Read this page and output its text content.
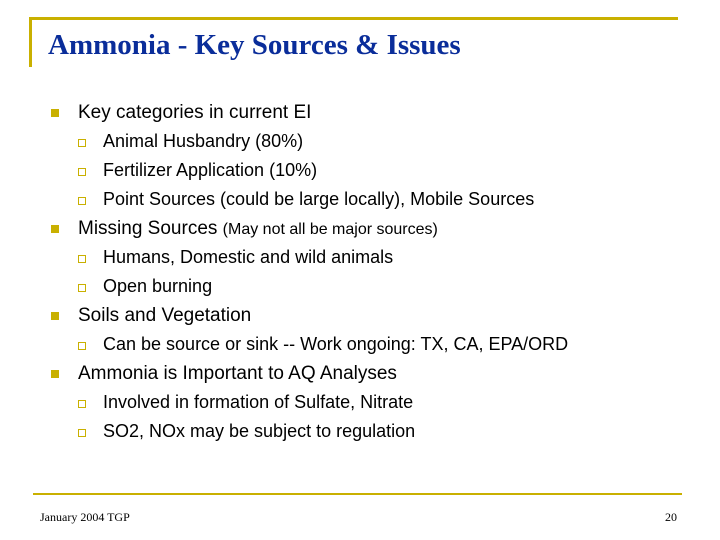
Ammonia - Key Sources & Issues
Key categories in current EI
Animal Husbandry (80%)
Fertilizer Application (10%)
Point Sources (could be large locally), Mobile Sources
Missing Sources (May not all be major sources)
Humans, Domestic and wild animals
Open burning
Soils and Vegetation
Can be source or sink -- Work ongoing: TX, CA, EPA/ORD
Ammonia is Important to AQ Analyses
Involved in formation of Sulfate, Nitrate
SO2, NOx may be subject to regulation
January 2004 TGP	20
